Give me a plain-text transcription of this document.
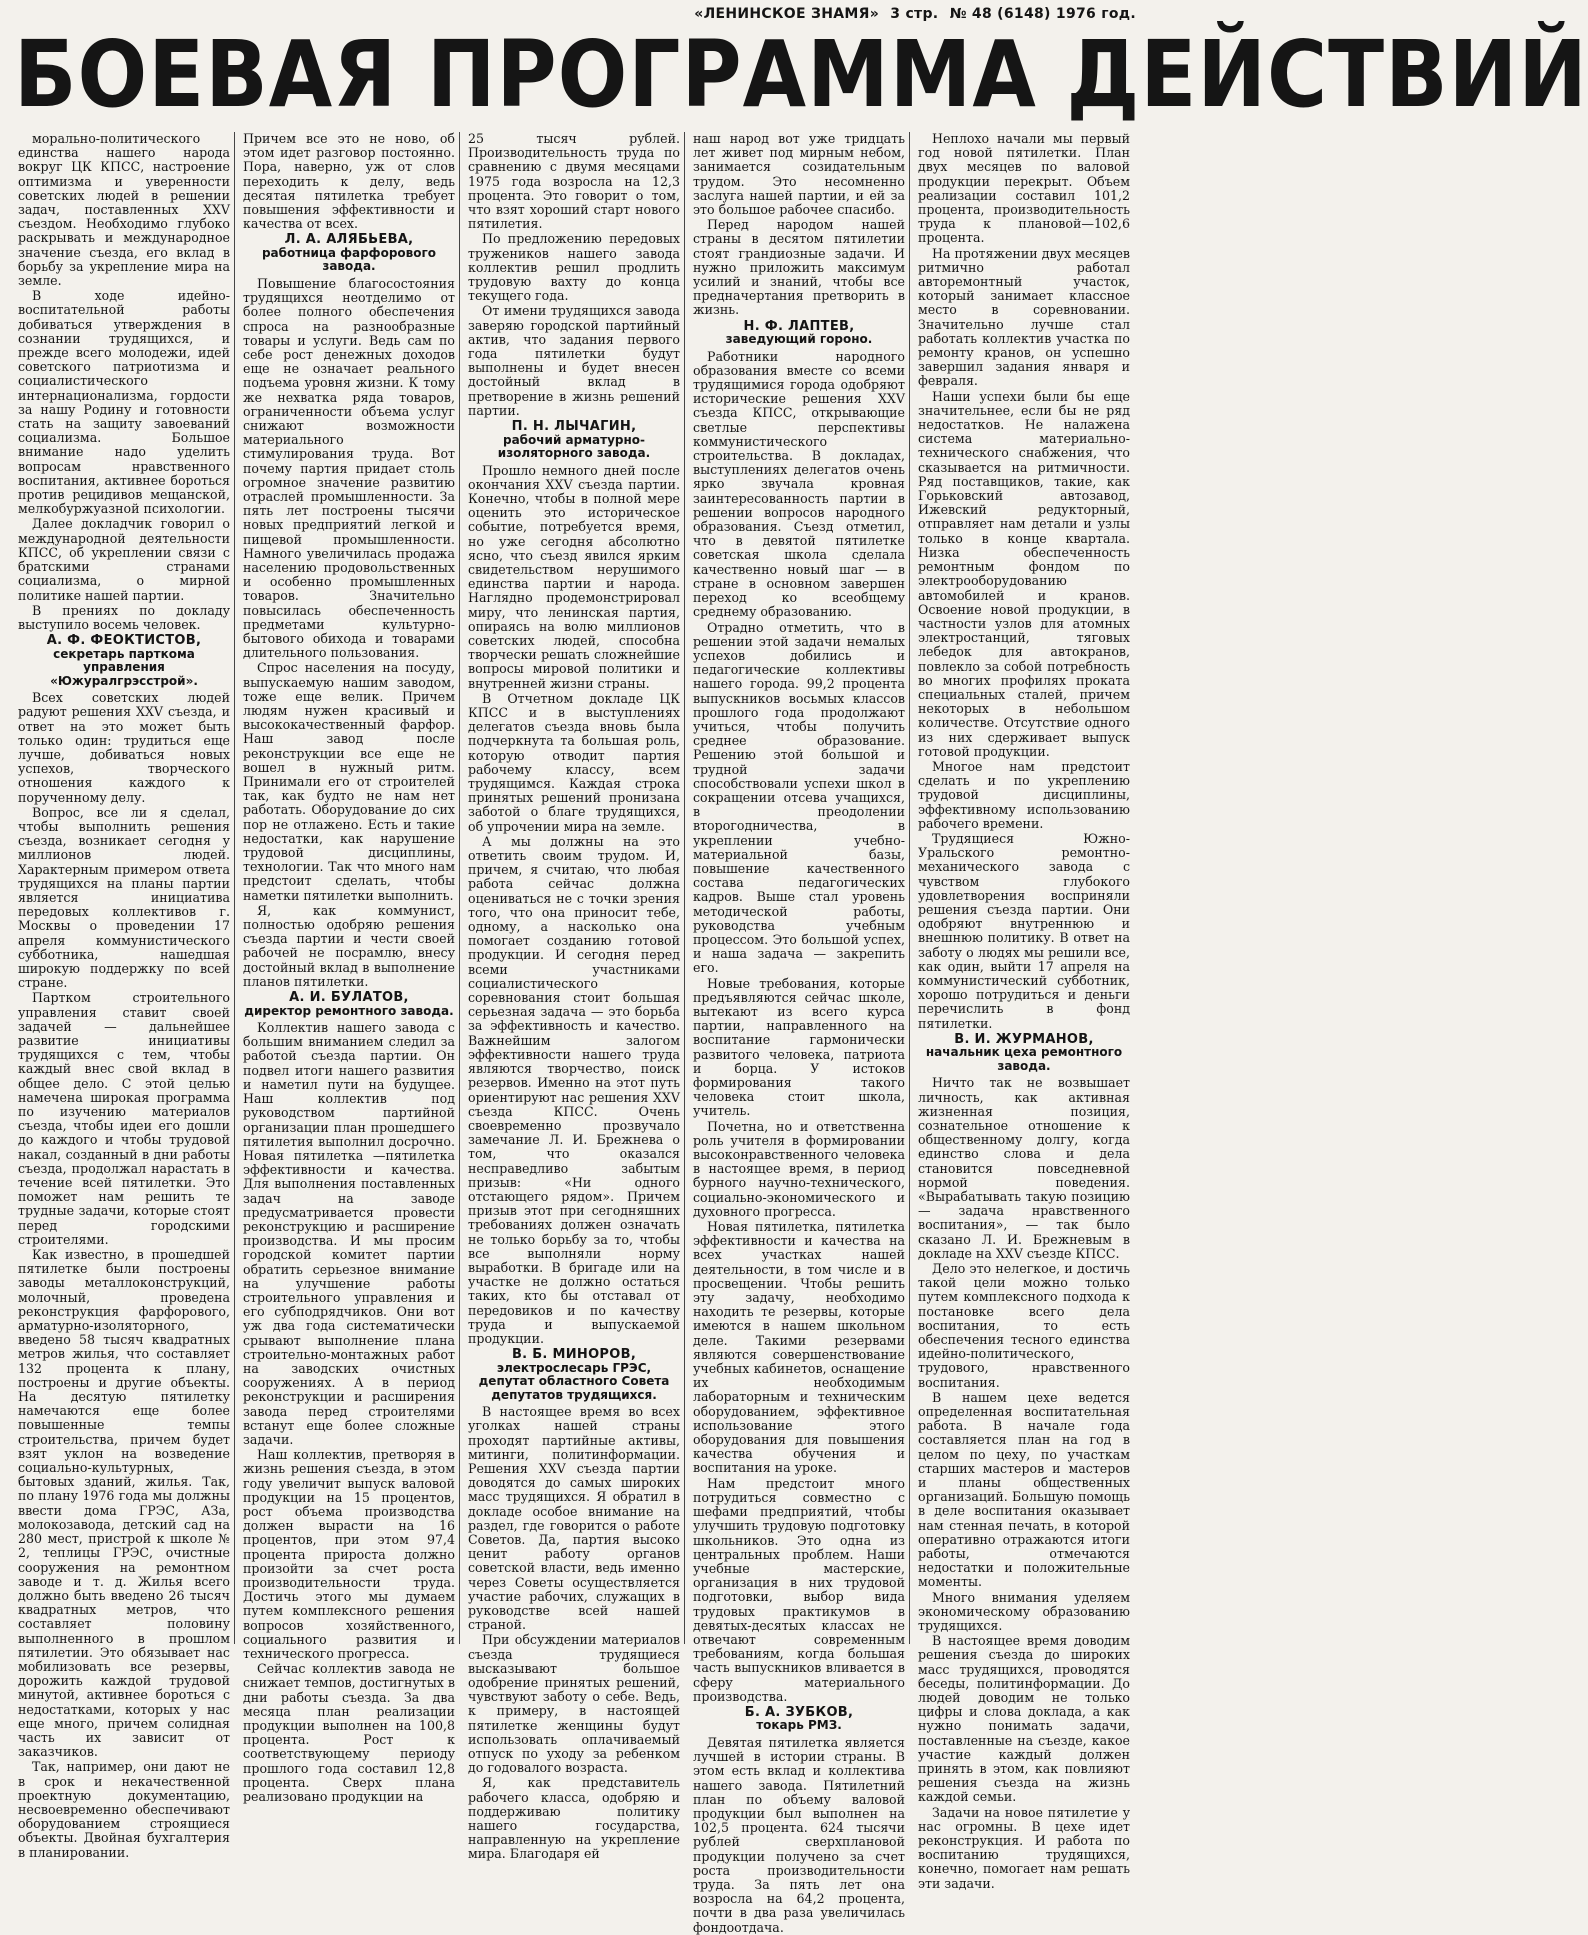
«ЛЕНИНСКОЕ ЗНАМЯ» 3 стр. № 48 (6148) 1976 год.
БОЕВАЯ ПРОГРАММА ДЕЙСТВИЙ

морально-политического единства нашего народа вокруг ЦК КПСС, настроение оптимизма и уверенности советских людей в решении задач, поставленных XXV съездом. Необходимо глубоко раскрывать и международное значение съезда, его вклад в борьбу за укрепление мира на земле.

В ходе идейно-воспитательной работы добиваться утверждения в сознании трудящихся, и прежде всего молодежи, идей советского патриотизма и социалистического интернационализма, гордости за нашу Родину и готовности стать на защиту завоеваний социализма. Большое внимание надо уделить вопросам нравственного воспитания, активнее бороться против рецидивов мещанской, мелкобуржуазной психологии.

Далее докладчик говорил о международной деятельности КПСС, об укреплении связи с братскими странами социализма, о мирной политике нашей партии.

В прениях по докладу выступило восемь человек.

А. Ф. ФЕОКТИСТОВ,
секретарь парткома управления «Южуралгрэсстрой».

Всех советских людей радуют решения XXV съезда, и ответ на это может быть только один: трудиться еще лучше, добиваться новых успехов, творческого отношения каждого к порученному делу.

Вопрос, все ли я сделал, чтобы выполнить решения съезда, возникает сегодня у миллионов людей. Характерным примером ответа трудящихся на планы партии является инициатива передовых коллективов г. Москвы о проведении 17 апреля коммунистического субботника, нашедшая широкую поддержку по всей стране.

Партком строительного управления ставит своей задачей — дальнейшее развитие инициативы трудящихся с тем, чтобы каждый внес свой вклад в общее дело. С этой целью намечена широкая программа по изучению материалов съезда, чтобы идеи его дошли до каждого и чтобы трудовой накал, созданный в дни работы съезда, продолжал нарастать в течение всей пятилетки. Это поможет нам решить те трудные задачи, которые стоят перед городскими строителями.

Как известно, в прошедшей пятилетке были построены заводы металлоконструкций, молочный, проведена реконструкция фарфорового, арматурно-изоляторного, введено 58 тысяч квадратных метров жилья, что составляет 132 процента к плану, построены и другие объекты. На десятую пятилетку намечаются еще более повышенные темпы строительства, причем будет взят уклон на возведение социально-культурных, бытовых зданий, жилья. Так, по плану 1976 года мы должны ввести дома ГРЭС, АЗа, молокозавода, детский сад на 280 мест, пристрой к школе № 2, теплицы ГРЭС, очистные сооружения на ремонтном заводе и т. д. Жилья всего должно быть введено 26 тысяч квадратных метров, что составляет половину выполненного в прошлом пятилетии. Это обязывает нас мобилизовать все резервы, дорожить каждой трудовой минутой, активнее бороться с недостатками, которых у нас еще много, причем солидная часть их зависит от заказчиков.

Так, например, они дают не в срок и некачественной проектную документацию, несвоевременно обеспечивают оборудованием строящиеся объекты. Двойная бухгалтерия в планировании.

Причем все это не ново, об этом идет разговор постоянно. Пора, наверно, уж от слов переходить к делу, ведь десятая пятилетка требует повышения эффективности и качества от всех.

Л. А. АЛЯБЬЕВА,
работница фарфорового завода.

Повышение благосостояния трудящихся неотделимо от более полного обеспечения спроса на разнообразные товары и услуги. Ведь сам по себе рост денежных доходов еще не означает реального подъема уровня жизни. К тому же нехватка ряда товаров, ограниченности объема услуг снижают возможности материального стимулирования труда. Вот почему партия придает столь огромное значение развитию отраслей промышленности. За пять лет построены тысячи новых предприятий легкой и пищевой промышленности. Намного увеличилась продажа населению продовольственных и особенно промышленных товаров. Значительно повысилась обеспеченность предметами культурно-бытового обихода и товарами длительного пользования.

Спрос населения на посуду, выпускаемую нашим заводом, тоже еще велик. Причем людям нужен красивый и высококачественный фарфор. Наш завод после реконструкции все еще не вошел в нужный ритм. Принимали его от строителей так, как будто не нам нет работать. Оборудование до сих пор не отлажено. Есть и такие недостатки, как нарушение трудовой дисциплины, технологии. Так что много нам предстоит сделать, чтобы наметки пятилетки выполнить.

Я, как коммунист, полностью одобряю решения съезда партии и чести своей рабочей не посрамлю, внесу достойный вклад в выполнение планов пятилетки.

А. И. БУЛАТОВ,
директор ремонтного завода.

Коллектив нашего завода с большим вниманием следил за работой съезда партии. Он подвел итоги нашего развития и наметил пути на будущее. Наш коллектив под руководством партийной организации план прошедшего пятилетия выполнил досрочно. Новая пятилетка —пятилетка эффективности и качества. Для выполнения поставленных задач на заводе предусматривается провести реконструкцию и расширение производства. И мы просим городской комитет партии обратить серьезное внимание на улучшение работы строительного управления и его субподрядчиков. Они вот уж два года систематически срывают выполнение плана строительно-монтажных работ на заводских очистных сооружениях. А в период реконструкции и расширения завода перед строителями встанут еще более сложные задачи.

Наш коллектив, претворяя в жизнь решения съезда, в этом году увеличит выпуск валовой продукции на 15 процентов, рост объема производства должен вырасти на 16 процентов, при этом 97,4 процента прироста должно произойти за счет роста производительности труда. Достичь этого мы думаем путем комплексного решения вопросов хозяйственного, социального развития и технического прогресса.

Сейчас коллектив завода не снижает темпов, достигнутых в дни работы съезда. За два месяца план реализации продукции выполнен на 100,8 процента. Рост к соответствующему периоду прошлого года составил 12,8 процента. Сверх плана реализовано продукции на

25 тысяч рублей. Производительность труда по сравнению с двумя месяцами 1975 года возросла на 12,3 процента. Это говорит о том, что взят хороший старт нового пятилетия.

По предложению передовых тружеников нашего завода коллектив решил продлить трудовую вахту до конца текущего года.

От имени трудящихся завода заверяю городской партийный актив, что задания первого года пятилетки будут выполнены и будет внесен достойный вклад в претворение в жизнь решений партии.

П. Н. ЛЫЧАГИН,
рабочий арматурно-изоляторного завода.

Прошло немного дней после окончания XXV съезда партии. Конечно, чтобы в полной мере оценить это историческое событие, потребуется время, но уже сегодня абсолютно ясно, что съезд явился ярким свидетельством нерушимого единства партии и народа. Наглядно продемонстрировал миру, что ленинская партия, опираясь на волю миллионов советских людей, способна творчески решать сложнейшие вопросы мировой политики и внутренней жизни страны.

В Отчетном докладе ЦК КПСС и в выступлениях делегатов съезда вновь была подчеркнута та большая роль, которую отводит партия рабочему классу, всем трудящимся. Каждая строка принятых решений пронизана заботой о благе трудящихся, об упрочении мира на земле.

А мы должны на это ответить своим трудом. И, причем, я считаю, что любая работа сейчас должна оцениваться не с точки зрения того, что она приносит тебе, одному, а насколько она помогает созданию готовой продукции. И сегодня перед всеми участниками социалистического соревнования стоит большая серьезная задача — это борьба за эффективность и качество. Важнейшим залогом эффективности нашего труда являются творчество, поиск резервов. Именно на этот путь ориентируют нас решения XXV съезда КПСС. Очень своевременно прозвучало замечание Л. И. Брежнева о том, что оказался несправедливо забытым призыв: «Ни одного отстающего рядом». Причем призыв этот при сегодняшних требованиях должен означать не только борьбу за то, чтобы все выполняли норму выработки. В бригаде или на участке не должно остаться таких, кто бы отставал от передовиков и по качеству труда и выпускаемой продукции.

В. Б. МИНОРОВ,
электрослесарь ГРЭС, депутат областного Совета депутатов трудящихся.

В настоящее время во всех уголках нашей страны проходят партийные активы, митинги, политинформации. Решения XXV съезда партии доводятся до самых широких масс трудящихся. Я обратил в докладе особое внимание на раздел, где говорится о работе Советов. Да, партия высоко ценит работу органов советской власти, ведь именно через Советы осуществляется участие рабочих, служащих в руководстве всей нашей страной.

При обсуждении материалов съезда трудящиеся высказывают большое одобрение принятых решений, чувствуют заботу о себе. Ведь, к примеру, в настоящей пятилетке женщины будут использовать оплачиваемый отпуск по уходу за ребенком до годовалого возраста.

Я, как представитель рабочего класса, одобряю и поддерживаю политику нашего государства, направленную на укрепление мира. Благодаря ей

наш народ вот уже тридцать лет живет под мирным небом, занимается созидательным трудом. Это несомненно заслуга нашей партии, и ей за это большое рабочее спасибо.

Перед народом нашей страны в десятом пятилетии стоят грандиозные задачи. И нужно приложить максимум усилий и знаний, чтобы все предначертания претворить в жизнь.

Н. Ф. ЛАПТЕВ,
заведующий гороно.

Работники народного образования вместе со всеми трудящимися города одобряют исторические решения XXV съезда КПСС, открывающие светлые перспективы коммунистического строительства. В докладах, выступлениях делегатов очень ярко звучала кровная заинтересованность партии в решении вопросов народного образования. Съезд отметил, что в девятой пятилетке советская школа сделала качественно новый шаг — в стране в основном завершен переход ко всеобщему среднему образованию.

Отрадно отметить, что в решении этой задачи немалых успехов добились и педагогические коллективы нашего города. 99,2 процента выпускников восьмых классов прошлого года продолжают учиться, чтобы получить среднее образование. Решению этой большой и трудной задачи способствовали успехи школ в сокращении отсева учащихся, в преодолении второгодничества, в укреплении учебно-материальной базы, повышение качественного состава педагогических кадров. Выше стал уровень методической работы, руководства учебным процессом. Это большой успех, и наша задача — закрепить его.

Новые требования, которые предъявляются сейчас школе, вытекают из всего курса партии, направленного на воспитание гармонически развитого человека, патриота и борца. У истоков формирования такого человека стоит школа, учитель.

Почетна, но и ответственна роль учителя в формировании высоконравственного человека в настоящее время, в период бурного научно-технического, социально-экономического и духовного прогресса.

Новая пятилетка, пятилетка эффективности и качества на всех участках нашей деятельности, в том числе и в просвещении. Чтобы решить эту задачу, необходимо находить те резервы, которые имеются в нашем школьном деле. Такими резервами являются совершенствование учебных кабинетов, оснащение их необходимым лабораторным и техническим оборудованием, эффективное использование этого оборудования для повышения качества обучения и воспитания на уроке.

Нам предстоит много потрудиться совместно с шефами предприятий, чтобы улучшить трудовую подготовку школьников. Это одна из центральных проблем. Наши учебные мастерские, организация в них трудовой подготовки, выбор вида трудовых практикумов в девятых-десятых классах не отвечают современным требованиям, когда большая часть выпускников вливается в сферу материального производства.

Б. А. ЗУБКОВ,
токарь РМЗ.

Девятая пятилетка является лучшей в истории страны. В этом есть вклад и коллектива нашего завода. Пятилетний план по объему валовой продукции был выполнен на 102,5 процента. 624 тысячи рублей сверхплановой продукции получено за счет роста производительности труда. За пять лет она возросла на 64,2 процента, почти в два раза увеличилась фондоотдача.

Неплохо начали мы первый год новой пятилетки. План двух месяцев по валовой продукции перекрыт. Объем реализации составил 101,2 процента, производительность труда к плановой—102,6 процента.

На протяжении двух месяцев ритмично работал авторемонтный участок, который занимает классное место в соревновании. Значительно лучше стал работать коллектив участка по ремонту кранов, он успешно завершил задания января и февраля.

Наши успехи были бы еще значительнее, если бы не ряд недостатков. Не налажена система материально-технического снабжения, что сказывается на ритмичности. Ряд поставщиков, такие, как Горьковский автозавод, Ижевский редукторный, отправляет нам детали и узлы только в конце квартала. Низка обеспеченность ремонтным фондом по электрооборудованию автомобилей и кранов. Освоение новой продукции, в частности узлов для атомных электростанций, тяговых лебедок для автокранов, повлекло за собой потребность во многих профилях проката специальных сталей, причем некоторых в небольшом количестве. Отсутствие одного из них сдерживает выпуск готовой продукции.

Многое нам предстоит сделать и по укреплению трудовой дисциплины, эффективному использованию рабочего времени.

Трудящиеся Южно-Уральского ремонтно-механического завода с чувством глубокого удовлетворения восприняли решения съезда партии. Они одобряют внутреннюю и внешнюю политику. В ответ на заботу о людях мы решили все, как один, выйти 17 апреля на коммунистический субботник, хорошо потрудиться и деньги перечислить в фонд пятилетки.

В. И. ЖУРМАНОВ,
начальник цеха ремонтного завода.

Ничто так не возвышает личность, как активная жизненная позиция, сознательное отношение к общественному долгу, когда единство слова и дела становится повседневной нормой поведения. «Вырабатывать такую позицию — задача нравственного воспитания», — так было сказано Л. И. Брежневым в докладе на XXV съезде КПСС.

Дело это нелегкое, и достичь такой цели можно только путем комплексного подхода к постановке всего дела воспитания, то есть обеспечения тесного единства идейно-политического, трудового, нравственного воспитания.

В нашем цехе ведется определенная воспитательная работа. В начале года составляется план на год в целом по цеху, по участкам старших мастеров и мастеров и планы общественных организаций. Большую помощь в деле воспитания оказывает нам стенная печать, в которой оперативно отражаются итоги работы, отмечаются недостатки и положительные моменты.

Много внимания уделяем экономическому образованию трудящихся.

В настоящее время доводим решения съезда до широких масс трудящихся, проводятся беседы, политинформации. До людей доводим не только цифры и слова доклада, а как нужно понимать задачи, поставленные на съезде, какое участие каждый должен принять в этом, как повлияют решения съезда на жизнь каждой семьи.

Задачи на новое пятилетие у нас огромны. В цехе идет реконструкция. И работа по воспитанию трудящихся, конечно, помогает нам решать эти задачи.
